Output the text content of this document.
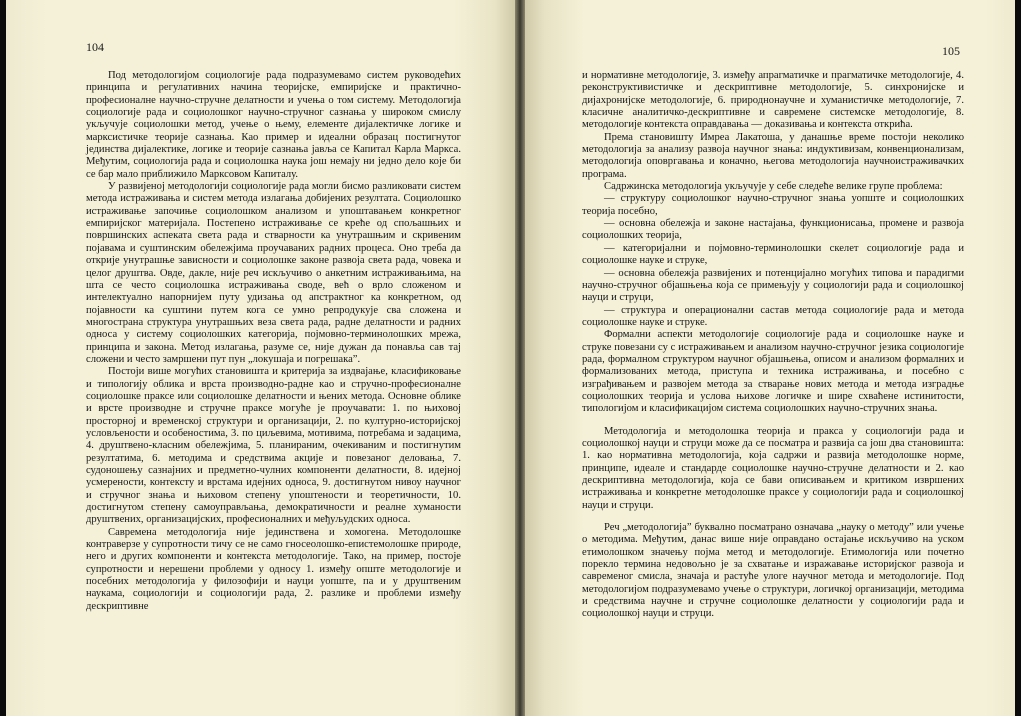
104

Под методологијом социологије рада подразумевамо систем руководећих принципа и регулативних начина теоријске, емпиријске и практично-професионалне научно-стручне делатности и учења о том систему. Методологија социологије рада и социолошког научно-стручног сазнања у широком смислу укључује социолошки метод, учење о њему, елементе дијалектичке логике и марксистичке теорије сазнања. Као пример и идеални образац постигнутог јединства дијалектике, логике и теорије сазнања јавља се Капитал Карла Маркса. Међутим, социологија рада и социолошка наука још немају ни једно дело које би се бар мало приближило Марксовом Капиталу.

У развијеној методологији социологије рада могли бисмо разликовати систем метода истраживања и систем метода излагања добијених резултата. Социолошко истраживање започиње социолошком анализом и упоштавањем конкретног емпиријског материјала. Постепено истраживање се креће од спољашњих и површинских аспеката света рада и стварности ка унутрашњим и скривеним појавама и суштинским обележјима проучаваних радних процеса. Оно треба да открије унутрашње зависности и социолошке законе развоја света рада, човека и целог друштва. Овде, дакле, није реч искључиво о анкетним истраживањима, на шта се често социолошка истраживања своде, већ о врло сложеном и интелектуално напорнијем путу удизања од апстрактног ка конкретном, од појавности ка суштини путем кога се умно репродукује сва сложена и многострана структура унутрашњих веза света рада, радне делатности и радних односа у систему социолошких категорија, појмовно-терминолошких мрежа, принципа и закона. Метод излагања, разуме се, није дужан да понавља сав тај сложени и често замршени пут пун „локушаја и погрешака”.

Постоји више могућих становишта и критерија за издвајање, класификовање и типологију облика и врста производно-радне као и стручно-професионалне социолошке праксе или социолошке делатности и њених метода. Основне облике и врсте производне и стручне праксе могуће је проучавати: 1. по њиховој просторној и временској структури и организацији, 2. по културно-историјској условљености и особеностима, 3. по циљевима, мотивима, потребама и задацима, 4. друштвено-класним обележјима, 5. планираним, очекиваним и постигнутим резултатима, 6. методима и средствима акције и повезаног деловања, 7. судоношењу сазнајних и предметно-чулних компоненти делатности, 8. идејној усмерености, контексту и врстама идејних односа, 9. достигнутом нивоу научног и стручног знања и њиховом степену упоштености и теоретичности, 10. достигнутом степену самоуправљања, демократичности и реалне хуманости друштвених, организацијских, професионалних и међуљудских односа.

Савремена методологија није јединствена и хомогена. Методолошке контраверзе у супротности тичу се не само гносеолошко-епистемолошке природе, него и других компоненти и контекста методологије. Тако, на пример, постоје супротности и нерешени проблеми у односу 1. између опште методологије и посебних методологија у филозофији и науци уопште, па и у друштвеним наукама, социологији и социологији рада, 2. разлике и проблеми између дескриптивне

105

и нормативне методологије, 3. између апрагматичке и прагматичке методологије, 4. реконструктивистичке и дескриптивне методологије, 5. синхронијске и дијахронијске методологије, 6. природнонаучне и хуманистичке методологије, 7. класичне аналитичко-дескриптивне и савремене системске методологије, 8. методологије контекста оправдавања — доказивања и контекста открића.

Према становишту Имреа Лакатоша, у данашње време постоји неколико методологија за анализу развоја научног знања: индуктивизам, конвенционализам, методологија оповргавања и коначно, његова методологија научноистраживачких програма.

Садржинска методологија укључује у себе следеће велике групе проблема:

— структуру социолошког научно-стручног знања уопште и социолошких теорија посебно,

— основна обележја и законе настајања, функционисања, промене и развоја социолошких теорија,

— категоријални и појмовно-терминолошки скелет социологије рада и социолошке науке и струке,

— основна обележја развијених и потенцијално могућих типова и парадигми научно-стручног објашњења која се примењују у социологији рада и социолошкој науци и струци,

— структура и операционални састав метода социологије рада и метода социолошке науке и струке.

Формални аспекти методологије социологије рада и социолошке науке и струке повезани су с истраживањем и анализом научно-стручног језика социологије рада, формалном структуром научног објашњења, описом и анализом формалних и формализованих метода, приступа и техника истраживања, и посебно с изграђивањем и развојем метода за стварање нових метода и метода изградње социолошких теорија и услова њихове логичке и шире схваћене истинитости, типологијом и класификацијом система социолошких научно-стручних знања.

Методологија и методолошка теорија и пракса у социологији рада и социолошкој науци и струци може да се посматра и развија са још два становишта: 1. као нормативна методологија, која садржи и развија методолошке норме, принципе, идеале и стандарде социолошке научно-стручне делатности и 2. као дескриптивна методологија, која се бави описивањем и критиком извршених истраживања и конкретне методолошке праксе у социологији рада и социолошкој науци и струци.

Реч „методологија” буквално посматрано означава „науку о методу” или учење о методима. Међутим, данас више није оправдано остајање искључиво на уском етимолошком значењу појма метод и методологије. Етимологија или почетно порекло термина недовољно је за схватање и изражавање историјског развоја и савременог смисла, значаја и растуће улоге научног метода и методологије. Под методологијом подразумевамо учење о структури, логичкој организацији, методима и средствима научне и стручне социолошке делатности у социологији рада и социолошкој науци и струци.
